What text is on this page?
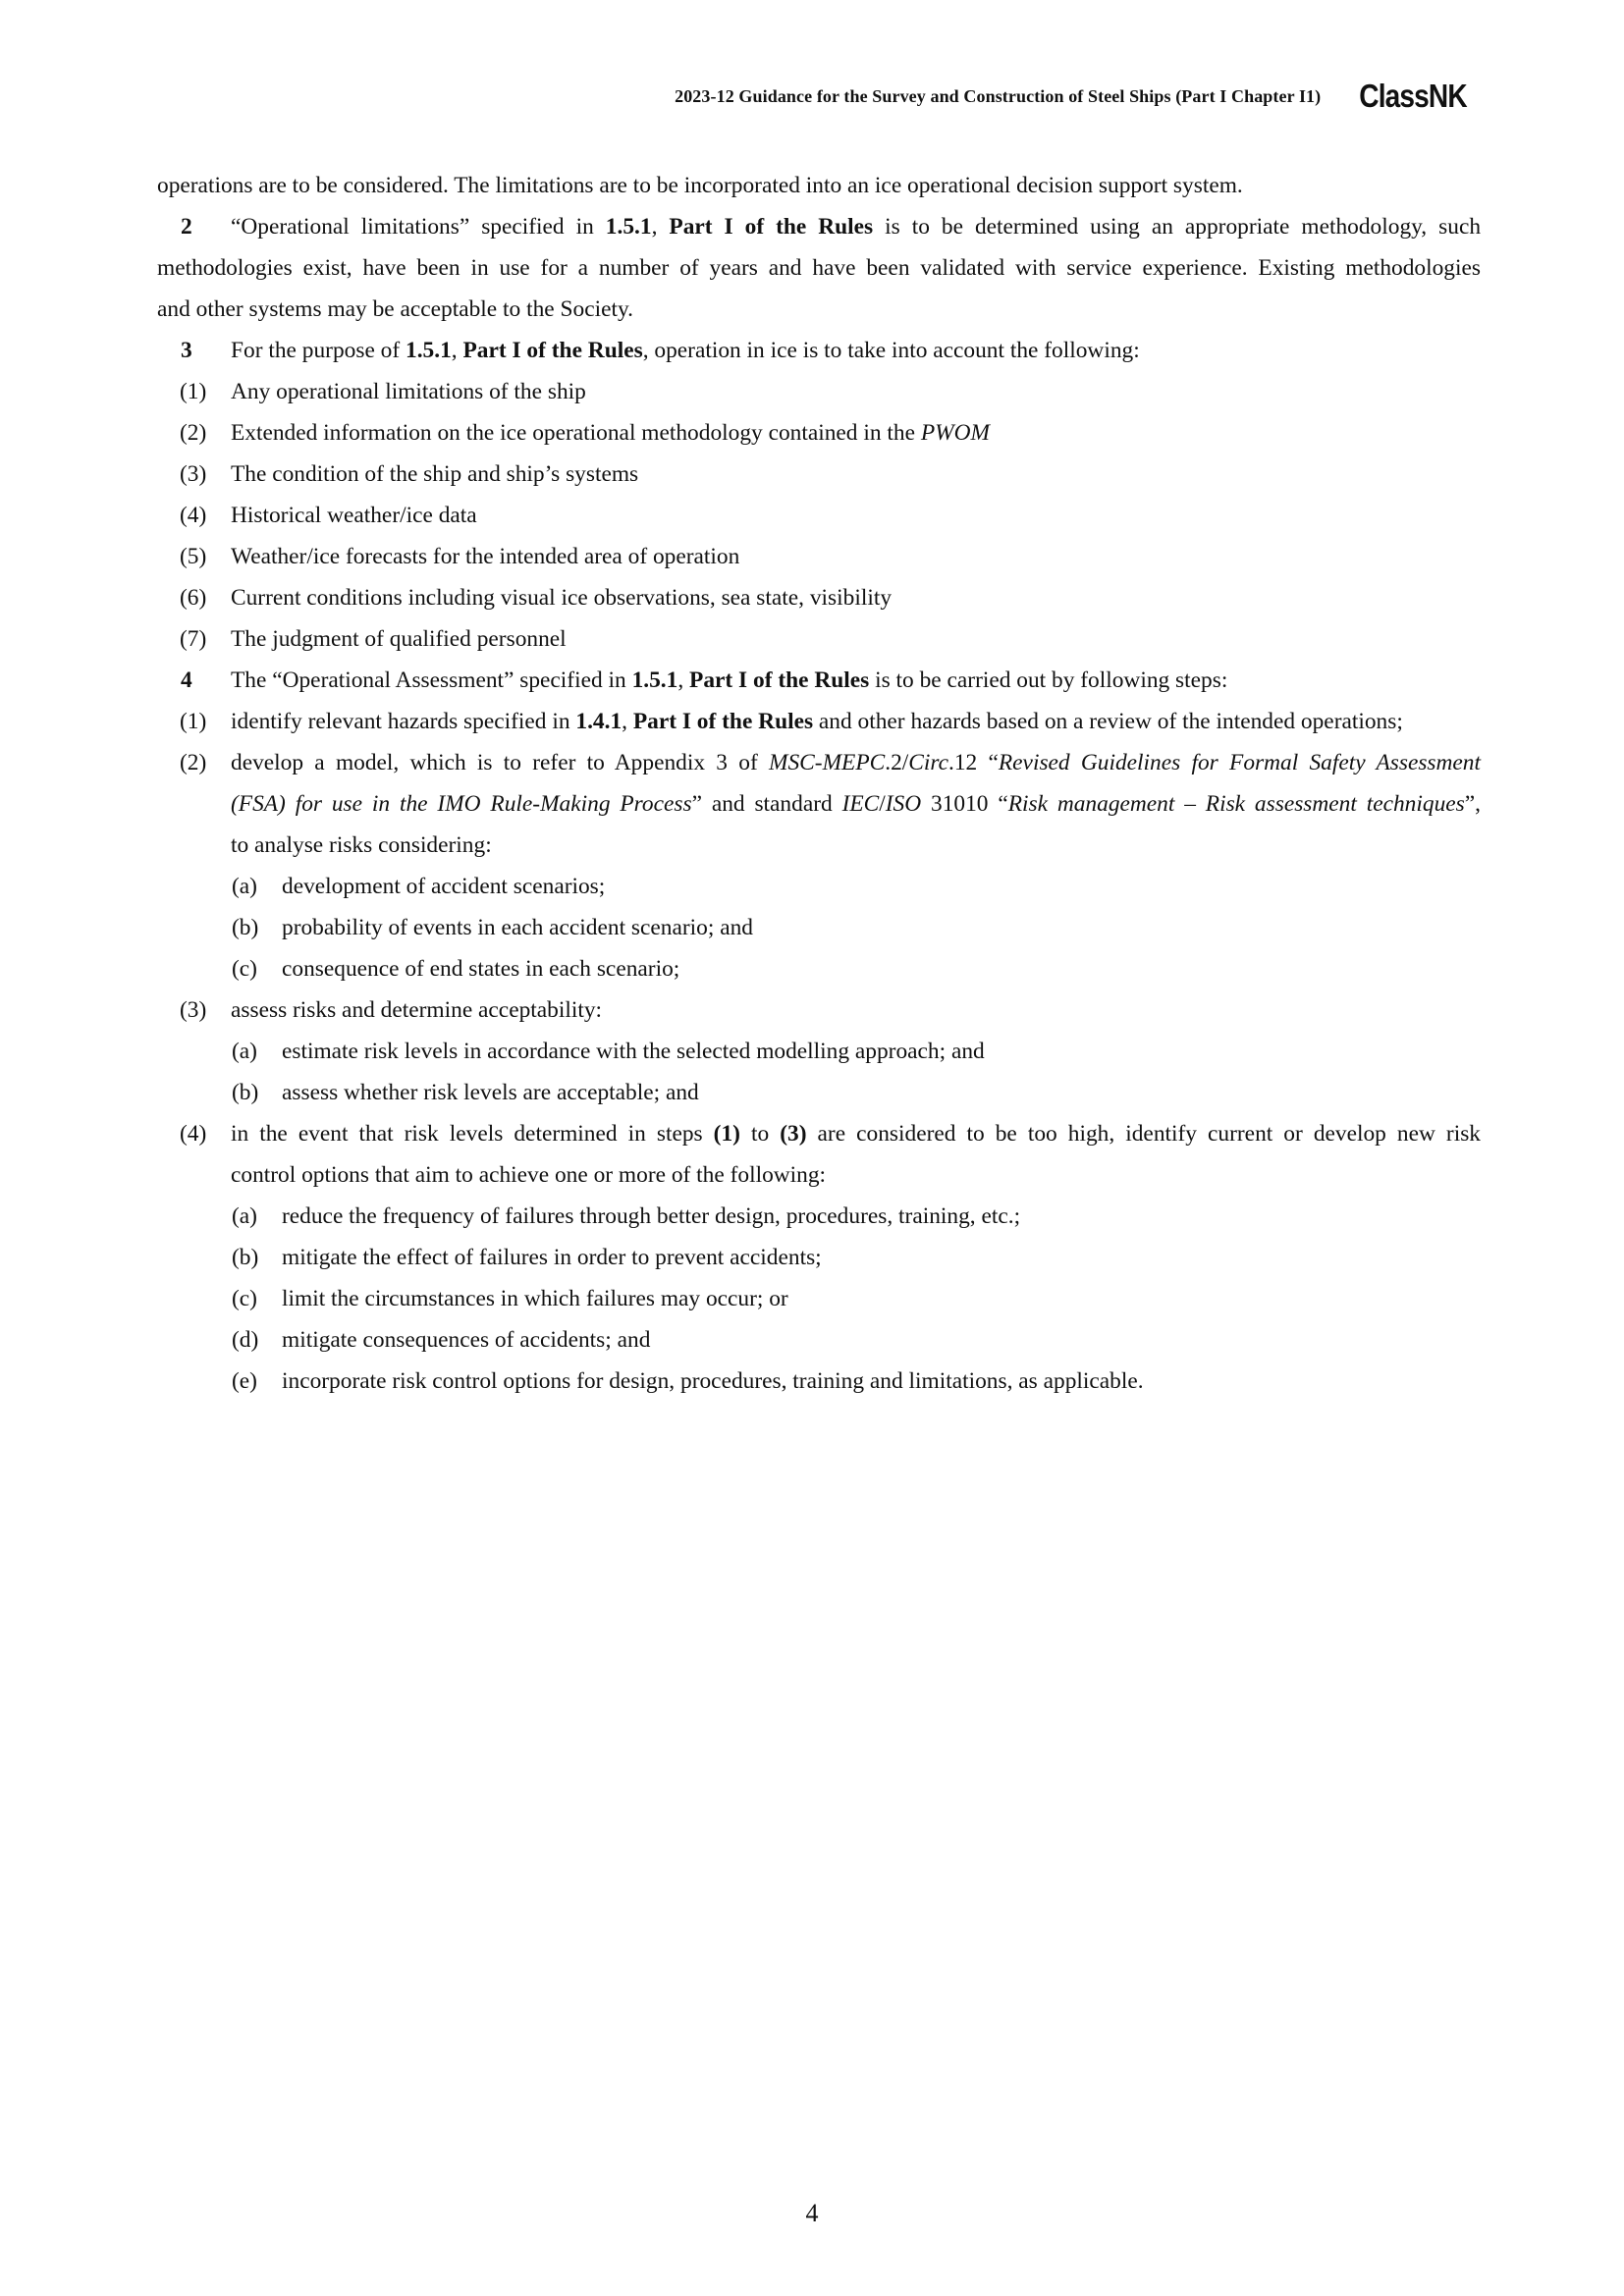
2023-12 Guidance for the Survey and Construction of Steel Ships (Part I Chapter I1) ClassNK

operations are to be considered. The limitations are to be incorporated into an ice operational decision support system.

2	“Operational limitations” specified in 1.5.1, Part I of the Rules is to be determined using an appropriate methodology, such

methodologies exist, have been in use for a number of years and have been validated with service experience. Existing methodologies

and other systems may be acceptable to the Society.

3	For the purpose of 1.5.1, Part I of the Rules, operation in ice is to take into account the following:
(1)	Any operational limitations of the ship
(2)	Extended information on the ice operational methodology contained in the PWOM
(3)	The condition of the ship and ship’s systems
(4)	Historical weather/ice data
(5)	Weather/ice forecasts for the intended area of operation
(6)	Current conditions including visual ice observations, sea state, visibility
(7)	The judgment of qualified personnel
4	The “Operational Assessment” specified in 1.5.1, Part I of the Rules is to be carried out by following steps:
(1)	identify relevant hazards specified in 1.4.1, Part I of the Rules and other hazards based on a review of the intended operations;
(2)	develop a model, which is to refer to Appendix 3 of MSC-MEPC.2/Circ.12 “Revised Guidelines for Formal Safety Assessment
(FSA) for use in the IMO Rule-Making Process” and standard IEC/ISO 31010 “Risk management – Risk assessment techniques”,
to analyse risks considering:
(a)	development of accident scenarios;
(b)	probability of events in each accident scenario; and
(c)	consequence of end states in each scenario;
(3)	assess risks and determine acceptability:
(a)	estimate risk levels in accordance with the selected modelling approach; and
(b)	assess whether risk levels are acceptable; and
(4)	in the event that risk levels determined in steps (1) to (3) are considered to be too high, identify current or develop new risk
control options that aim to achieve one or more of the following:
(a)	reduce the frequency of failures through better design, procedures, training, etc.;
(b)	mitigate the effect of failures in order to prevent accidents;
(c)	limit the circumstances in which failures may occur; or
(d)	mitigate consequences of accidents; and
(e)	incorporate risk control options for design, procedures, training and limitations, as applicable.
4
